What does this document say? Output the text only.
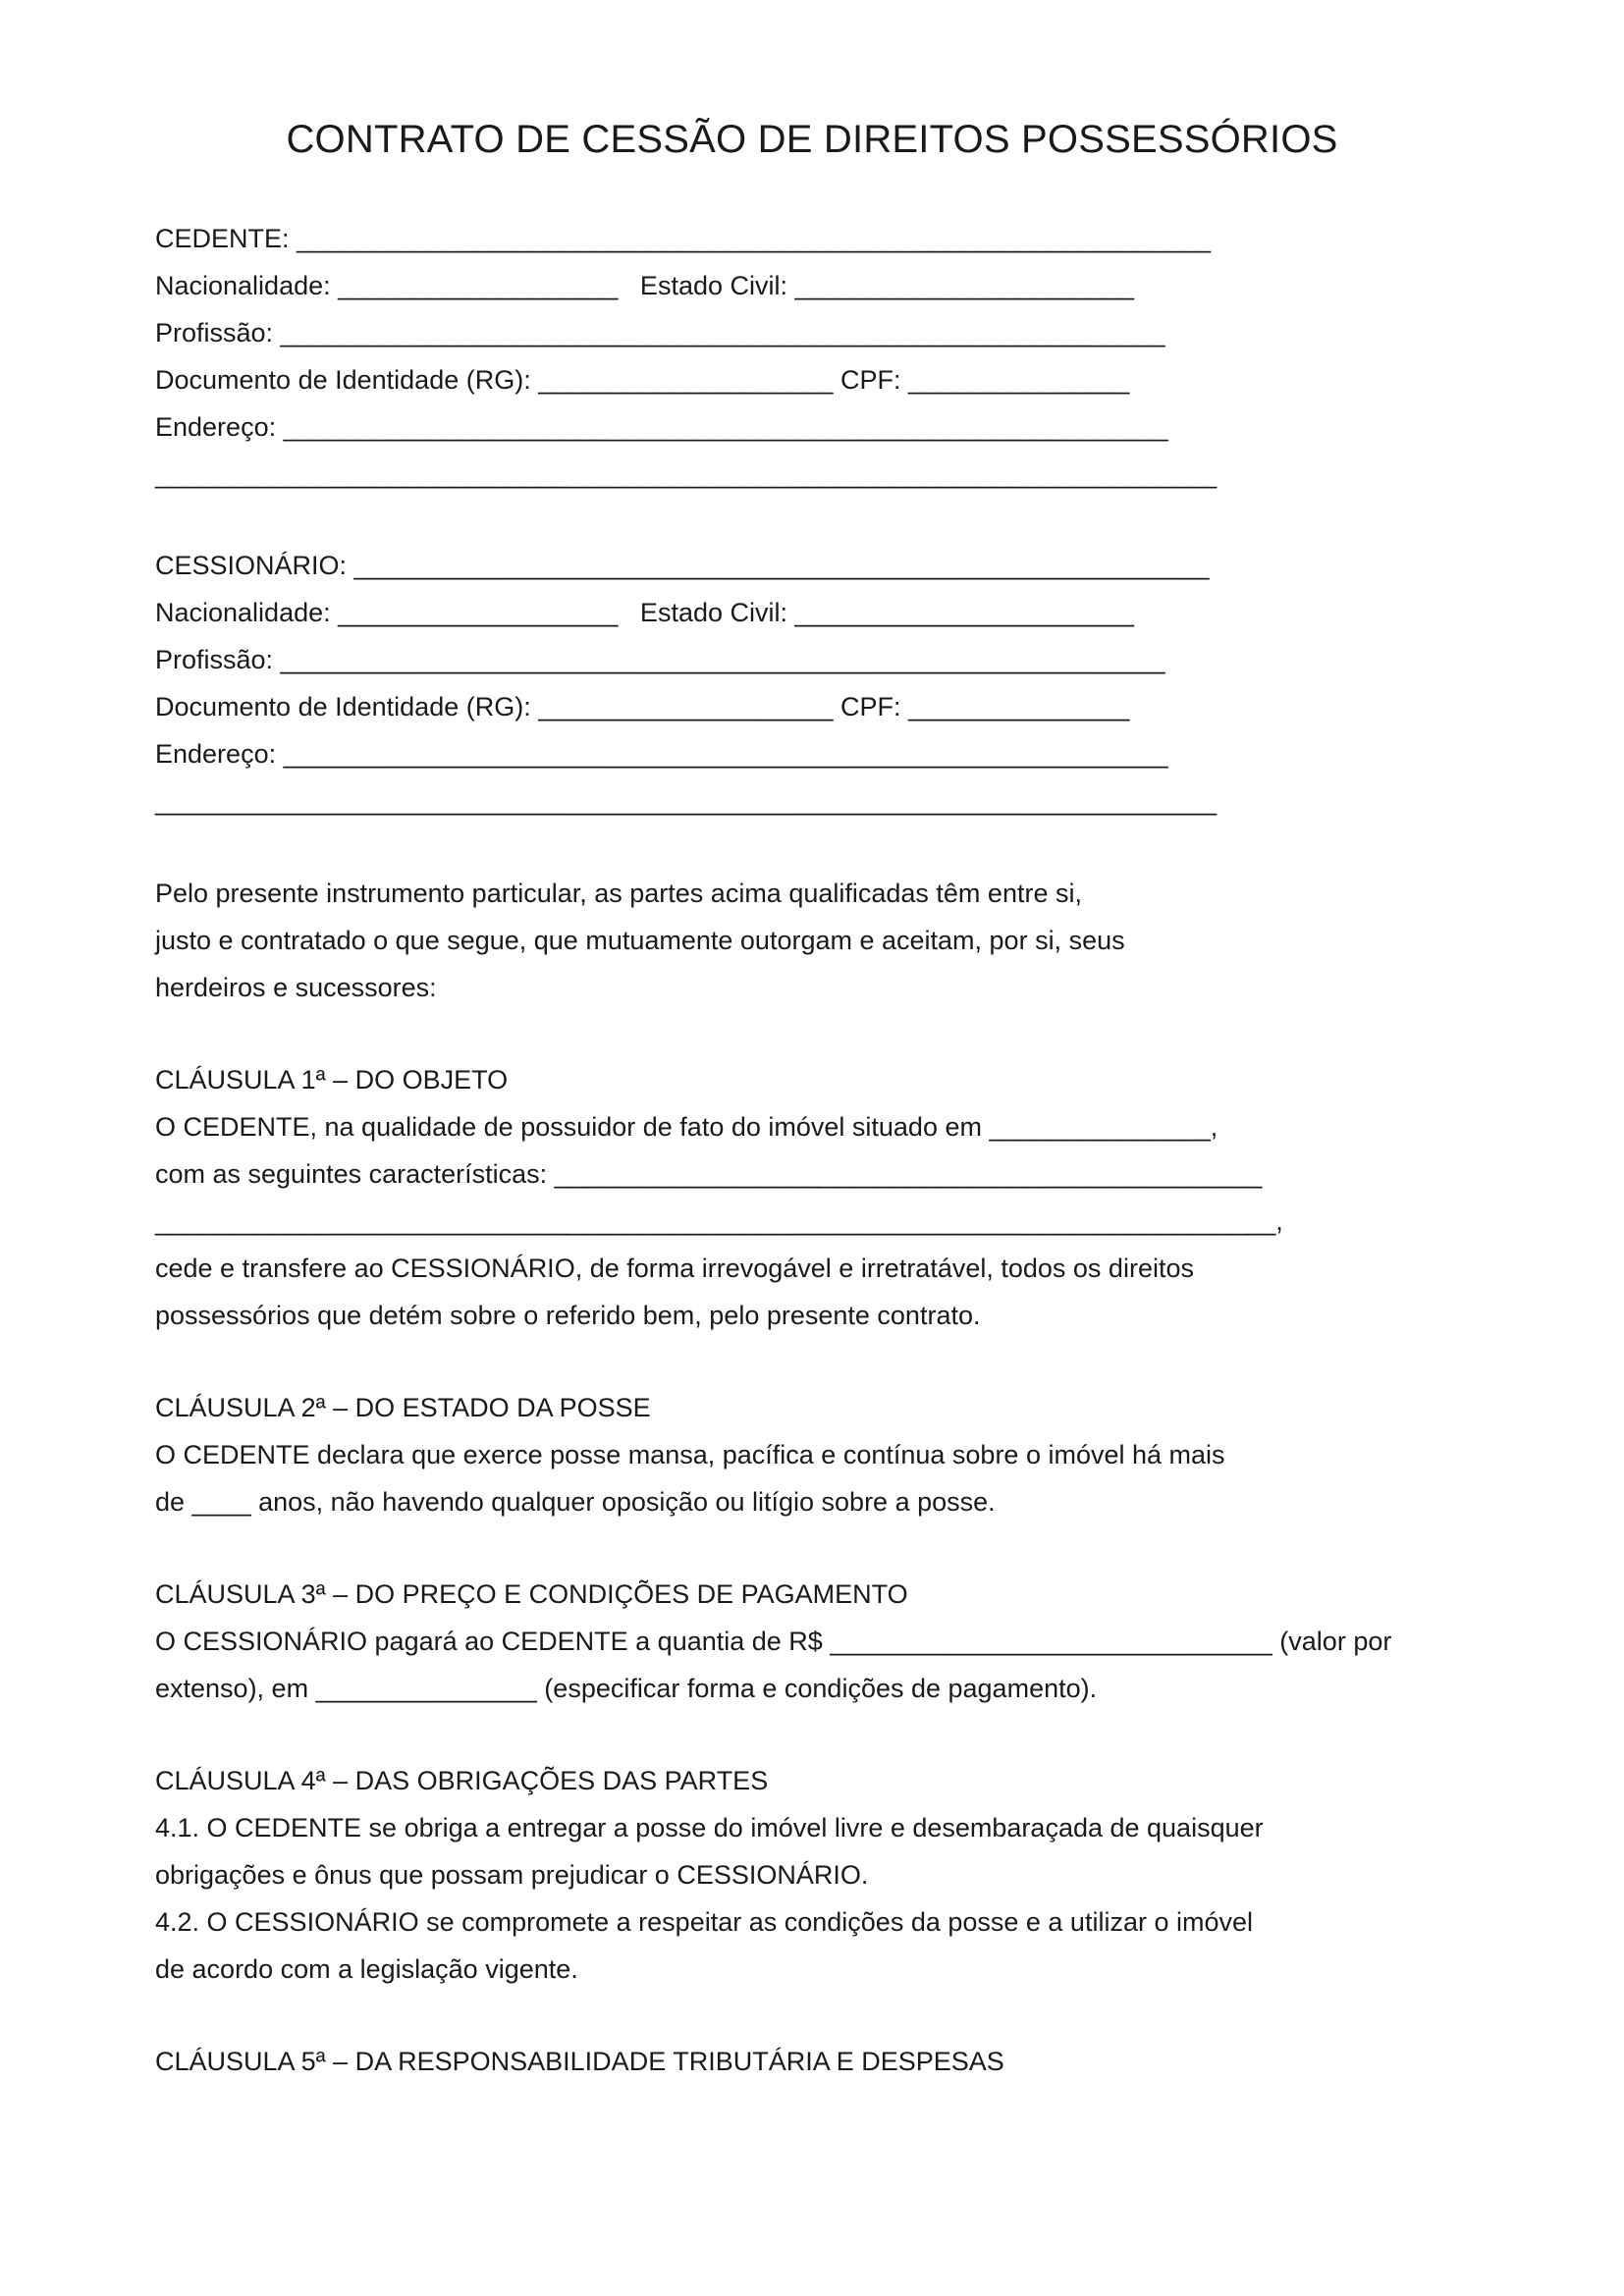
CONTRATO DE CESSÃO DE DIREITOS POSSESSÓRIOS
CEDENTE: ______________________________________________________________
Nacionalidade: ___________________   Estado Civil: _______________________
Profissão: ____________________________________________________________
Documento de Identidade (RG): ____________________ CPF: _______________
Endereço: ____________________________________________________________
________________________________________________________________________
CESSIONÁRIO: __________________________________________________________
Nacionalidade: ___________________   Estado Civil: _______________________
Profissão: ____________________________________________________________
Documento de Identidade (RG): ____________________ CPF: _______________
Endereço: ____________________________________________________________
________________________________________________________________________
Pelo presente instrumento particular, as partes acima qualificadas têm entre si,
justo e contratado o que segue, que mutuamente outorgam e aceitam, por si, seus
herdeiros e sucessores:
CLÁUSULA 1ª – DO OBJETO
O CEDENTE, na qualidade de possuidor de fato do imóvel situado em _______________,
com as seguintes características: ________________________________________________
____________________________________________________________________________,
cede e transfere ao CESSIONÁRIO, de forma irrevogável e irretratável, todos os direitos
possessórios que detém sobre o referido bem, pelo presente contrato.
CLÁUSULA 2ª – DO ESTADO DA POSSE
O CEDENTE declara que exerce posse mansa, pacífica e contínua sobre o imóvel há mais
de ____ anos, não havendo qualquer oposição ou litígio sobre a posse.
CLÁUSULA 3ª – DO PREÇO E CONDIÇÕES DE PAGAMENTO
O CESSIONÁRIO pagará ao CEDENTE a quantia de R$ ______________________________ (valor por
extenso), em _______________ (especificar forma e condições de pagamento).
CLÁUSULA 4ª – DAS OBRIGAÇÕES DAS PARTES
4.1. O CEDENTE se obriga a entregar a posse do imóvel livre e desembaraçada de quaisquer
obrigações e ônus que possam prejudicar o CESSIONÁRIO.
4.2. O CESSIONÁRIO se compromete a respeitar as condições da posse e a utilizar o imóvel
de acordo com a legislação vigente.
CLÁUSULA 5ª – DA RESPONSABILIDADE TRIBUTÁRIA E DESPESAS
